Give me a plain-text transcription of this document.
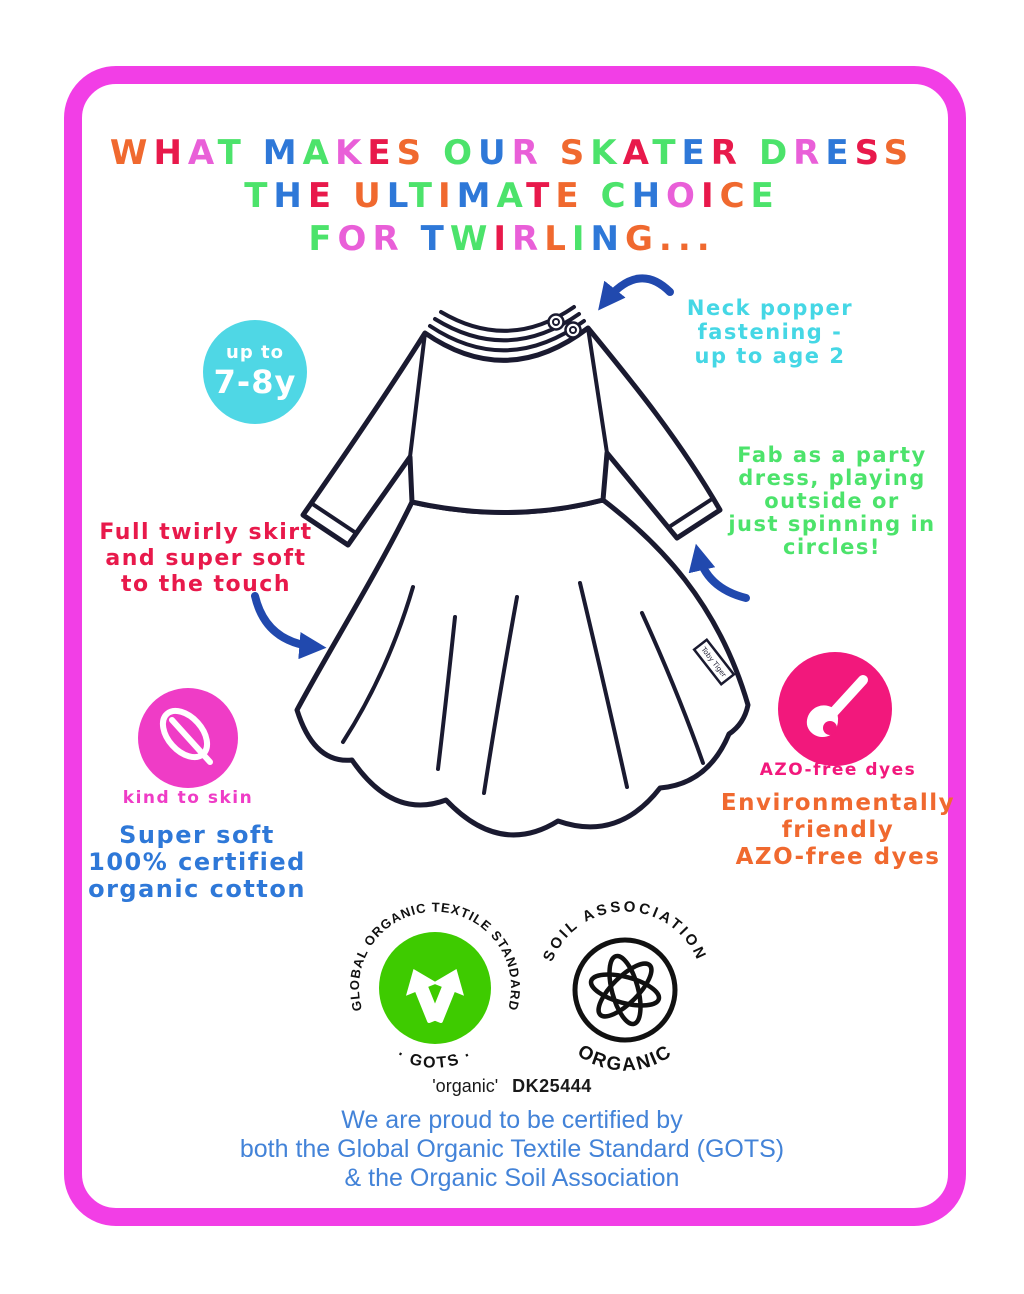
WHAT MAKES OUR SKATER DRESS
THE ULTIMATE CHOICE
FOR TWIRLING...
up to
7-8y
Toby Tiger
Neck popper
fastening -
up to age 2
Fab as a party
dress, playing
outside or
just spinning in
circles!
Full twirly skirt
and super soft
to the touch
kind to skin
Super soft
100% certified
organic cotton
AZO-free dyes
Environmentally
friendly
AZO-free dyes
GLOBAL ORGANIC TEXTILE STANDARD
· GOTS ·
SOIL ASSOCIATION
ORGANIC
'organic' DK25444
We are proud to be certified by
both the Global Organic Textile Standard (GOTS)
& the Organic Soil Association
